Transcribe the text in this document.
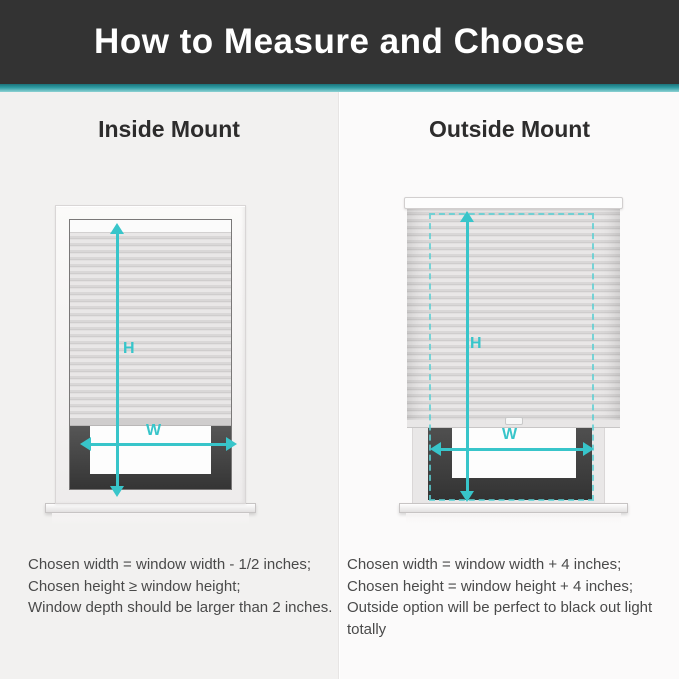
How to Measure and Choose
Inside Mount
H
W
Chosen width = window width - 1/2 inches;
Chosen height ≥ window height;
Window depth should be larger than 2 inches.
Outside Mount
H
W
Chosen width = window width + 4 inches;
Chosen height = window height + 4 inches;
Outside option will be perfect to black out light totally
